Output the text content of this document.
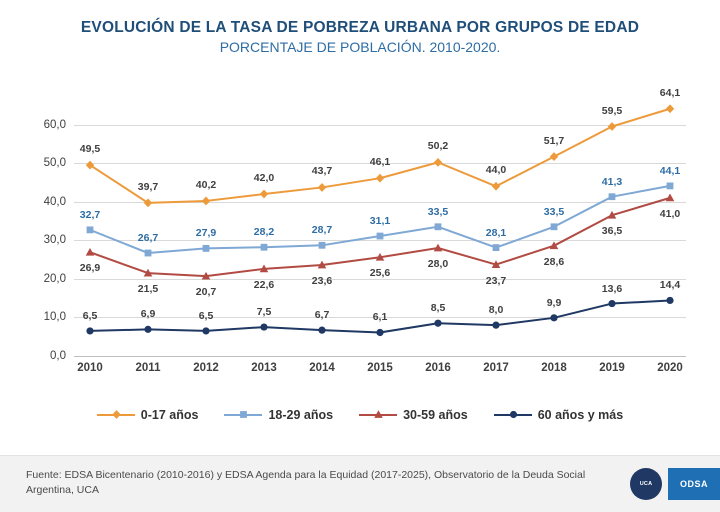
EVOLUCIÓN DE LA TASA DE POBREZA URBANA POR GRUPOS DE EDAD
PORCENTAJE DE POBLACIÓN. 2010-2020.
0,0
10,0
20,0
30,0
40,0
50,0
60,0
2010	2011	2012	2013	2014	2015	2016	2017	2018	2019	2020
49,5
39,7	40,2
42,0
43,7
46,1
50,2
44,0
51,7
59,5
64,1
32,7
26,7	27,9	28,2	28,7
31,1
33,5
28,1
33,5
41,3
44,1
26,9
21,5	20,7
22,6	23,6
25,6
28,0
23,7
28,6
36,5
41,0
6,5	6,9	6,5	7,5	6,7	6,1
8,5	8,0
9,9
13,6	14,4
0-17 años	18-29 años	30-59 años	60 años y más
Fuente: EDSA Bicentenario (2010-2016) y EDSA Agenda para la Equidad (2017-2025), Observatorio de la Deuda Social Argentina, UCA	UCA	ODSA
